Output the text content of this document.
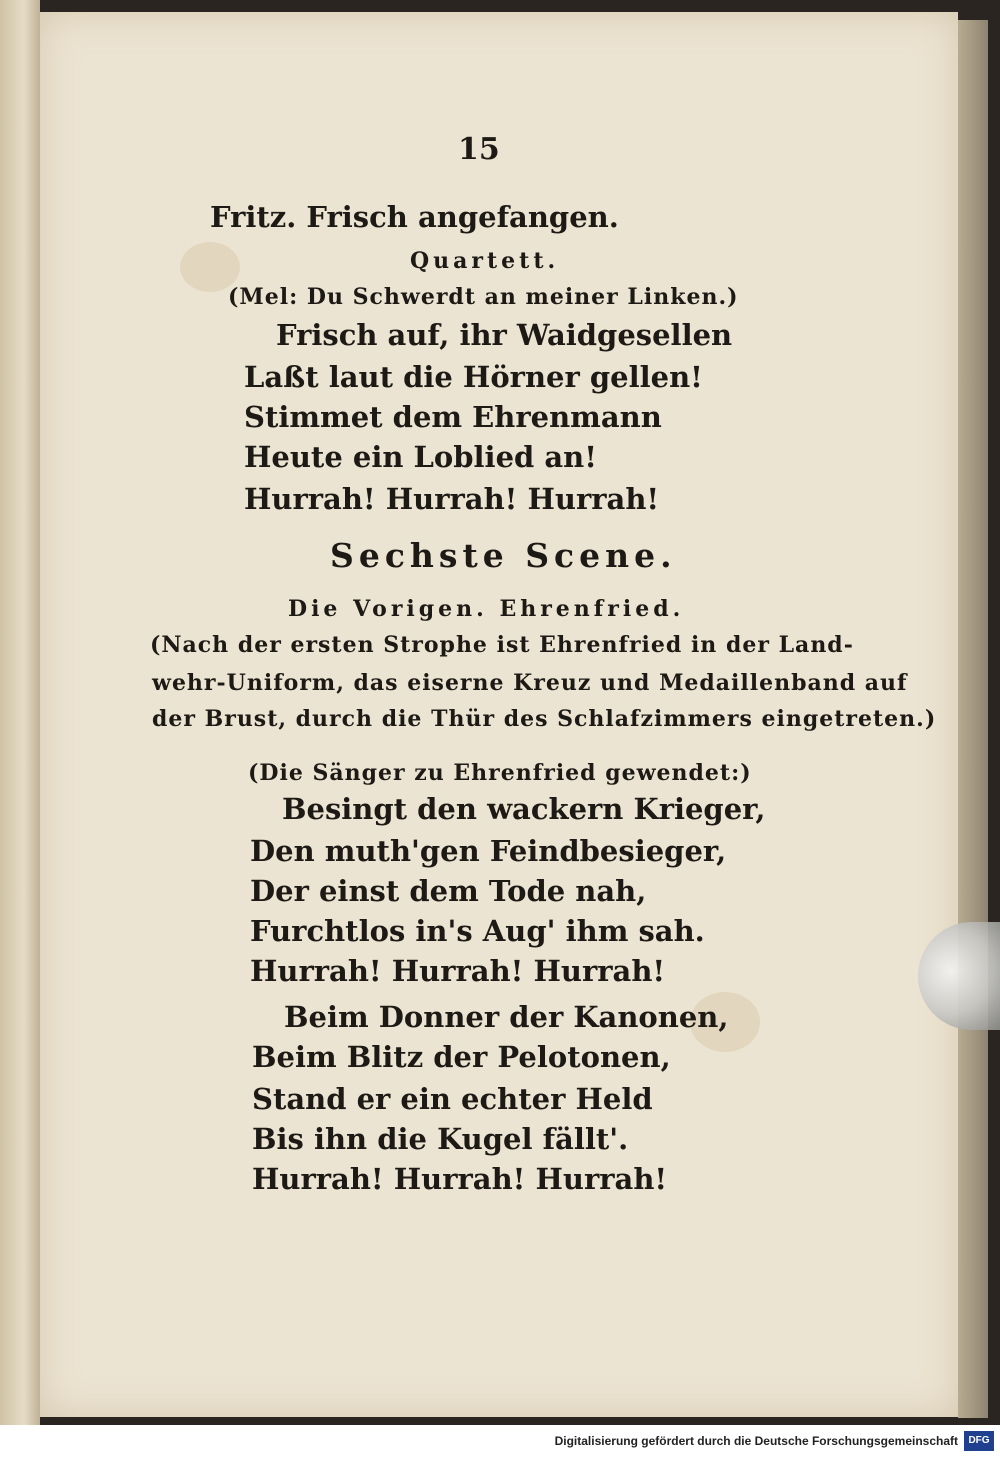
15
Fritz. Frisch angefangen.
Quartett.
(Mel: Du Schwerdt an meiner Linken.)
Frisch auf, ihr Waidgesellen
Laßt laut die Hörner gellen!
Stimmet dem Ehrenmann
Heute ein Loblied an!
Hurrah! Hurrah! Hurrah!
Sechste Scene.
Die Vorigen. Ehrenfried.
(Nach der ersten Strophe ist Ehrenfried in der Land-
wehr-Uniform, das eiserne Kreuz und Medaillenband auf
der Brust, durch die Thür des Schlafzimmers eingetreten.)
(Die Sänger zu Ehrenfried gewendet:)
Besingt den wackern Krieger,
Den muth'gen Feindbesieger,
Der einst dem Tode nah,
Furchtlos in's Aug' ihm sah.
Hurrah! Hurrah! Hurrah!
Beim Donner der Kanonen,
Beim Blitz der Pelotonen,
Stand er ein echter Held
Bis ihn die Kugel fällt'.
Hurrah! Hurrah! Hurrah!
Digitalisierung gefördert durch die Deutsche Forschungsgemeinschaft	DFG
